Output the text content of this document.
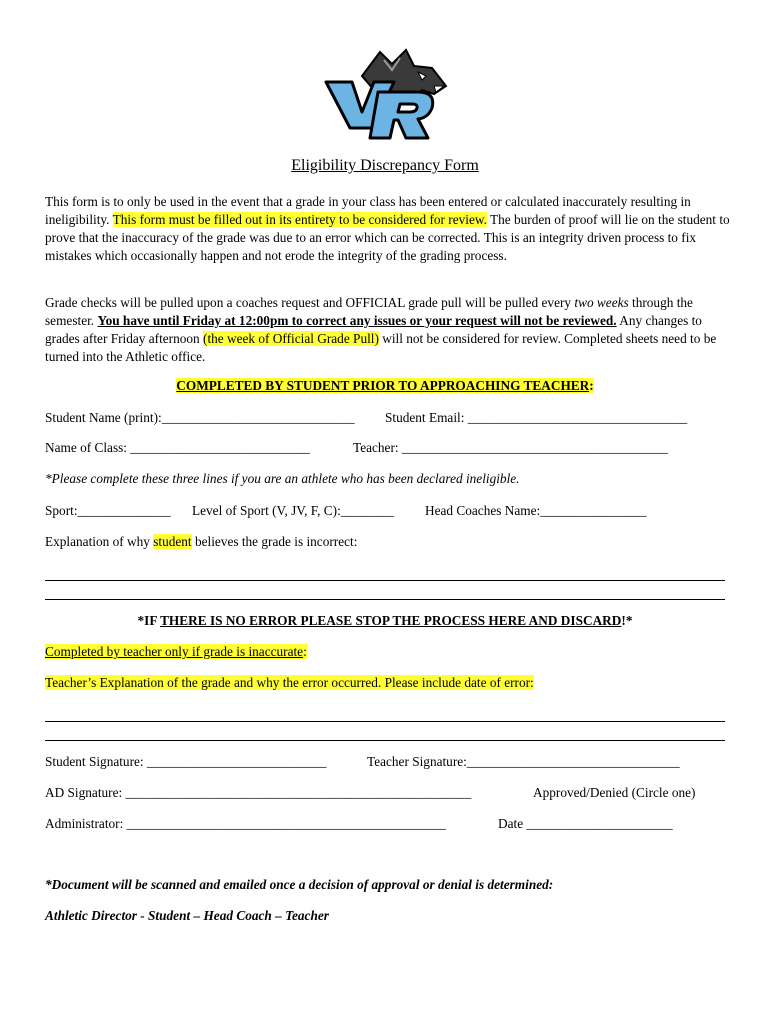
Eligibility Discrepancy Form
This form is to only be used in the event that a grade in your class has been entered or calculated inaccurately resulting in ineligibility. This form must be filled out in its entirety to be considered for review. The burden of proof will lie on the student to prove that the inaccuracy of the grade was due to an error which can be corrected. This is an integrity driven process to fix mistakes which occasionally happen and not erode the integrity of the grading process.
Grade checks will be pulled upon a coaches request and OFFICIAL grade pull will be pulled every two weeks through the semester. You have until Friday at 12:00pm to correct any issues or your request will not be reviewed. Any changes to grades after Friday afternoon (the week of Official Grade Pull) will not be considered for review. Completed sheets need to be turned into the Athletic office.
COMPLETED BY STUDENT PRIOR TO APPROACHING TEACHER:
Student Name (print):_____________________________ Student Email: _________________________________
Name of Class: ___________________________	Teacher: ________________________________________
*Please complete these three lines if you are an athlete who has been declared ineligible.
Sport:______________ Level of Sport (V, JV, F, C):________ Head Coaches Name:________________
Explanation of why student believes the grade is incorrect:
*IF THERE IS NO ERROR PLEASE STOP THE PROCESS HERE AND DISCARD!*
Completed by teacher only if grade is inaccurate:
Teacher’s Explanation of the grade and why the error occurred. Please include date of error:
Student Signature: ___________________________	Teacher Signature:________________________________
AD Signature: ____________________________________________________	Approved/Denied (Circle one)
Administrator: ________________________________________________	Date ______________________
*Document will be scanned and emailed once a decision of approval or denial is determined:
Athletic Director - Student – Head Coach – Teacher
